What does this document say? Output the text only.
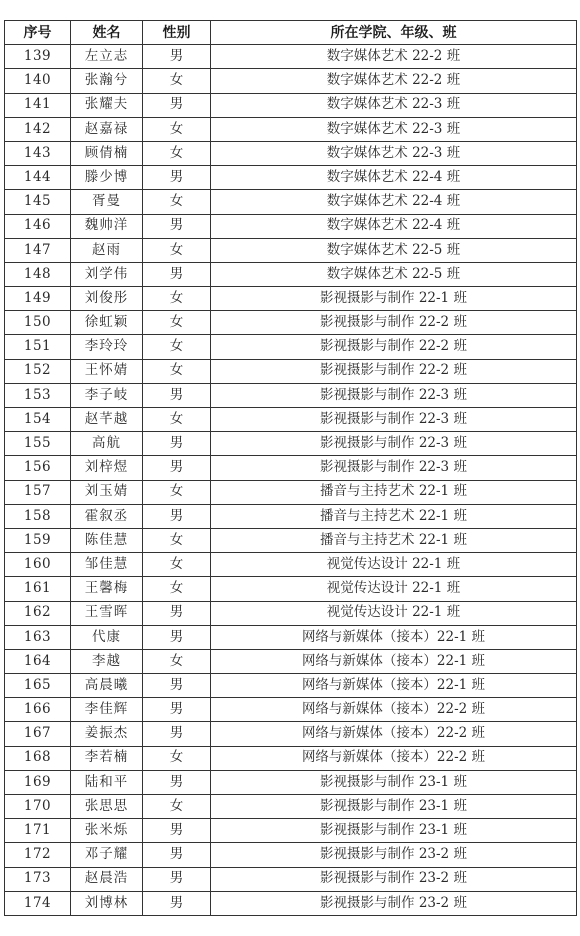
序号	姓名	性别	所在学院、年级、班
139	左立志	男	数字媒体艺术 22-2 班
140	张瀚兮	女	数字媒体艺术 22-2 班
141	张耀夫	男	数字媒体艺术 22-3 班
142	赵嘉禄	女	数字媒体艺术 22-3 班
143	顾倩楠	女	数字媒体艺术 22-3 班
144	滕少博	男	数字媒体艺术 22-4 班
145	胥曼	女	数字媒体艺术 22-4 班
146	魏帅洋	男	数字媒体艺术 22-4 班
147	赵雨	女	数字媒体艺术 22-5 班
148	刘学伟	男	数字媒体艺术 22-5 班
149	刘俊彤	女	影视摄影与制作 22-1 班
150	徐虹颖	女	影视摄影与制作 22-2 班
151	李玲玲	女	影视摄影与制作 22-2 班
152	王怀婧	女	影视摄影与制作 22-2 班
153	李子岐	男	影视摄影与制作 22-3 班
154	赵芊越	女	影视摄影与制作 22-3 班
155	高航	男	影视摄影与制作 22-3 班
156	刘梓煜	男	影视摄影与制作 22-3 班
157	刘玉婧	女	播音与主持艺术 22-1 班
158	霍叙丞	男	播音与主持艺术 22-1 班
159	陈佳慧	女	播音与主持艺术 22-1 班
160	邹佳慧	女	视觉传达设计 22-1 班
161	王馨梅	女	视觉传达设计 22-1 班
162	王雪晖	男	视觉传达设计 22-1 班
163	代康	男	网络与新媒体（接本）22-1 班
164	李越	女	网络与新媒体（接本）22-1 班
165	高晨曦	男	网络与新媒体（接本）22-1 班
166	李佳辉	男	网络与新媒体（接本）22-2 班
167	姜振杰	男	网络与新媒体（接本）22-2 班
168	李若楠	女	网络与新媒体（接本）22-2 班
169	陆和平	男	影视摄影与制作 23-1 班
170	张思思	女	影视摄影与制作 23-1 班
171	张米烁	男	影视摄影与制作 23-1 班
172	邓子耀	男	影视摄影与制作 23-2 班
173	赵晨浩	男	影视摄影与制作 23-2 班
174	刘博林	男	影视摄影与制作 23-2 班
